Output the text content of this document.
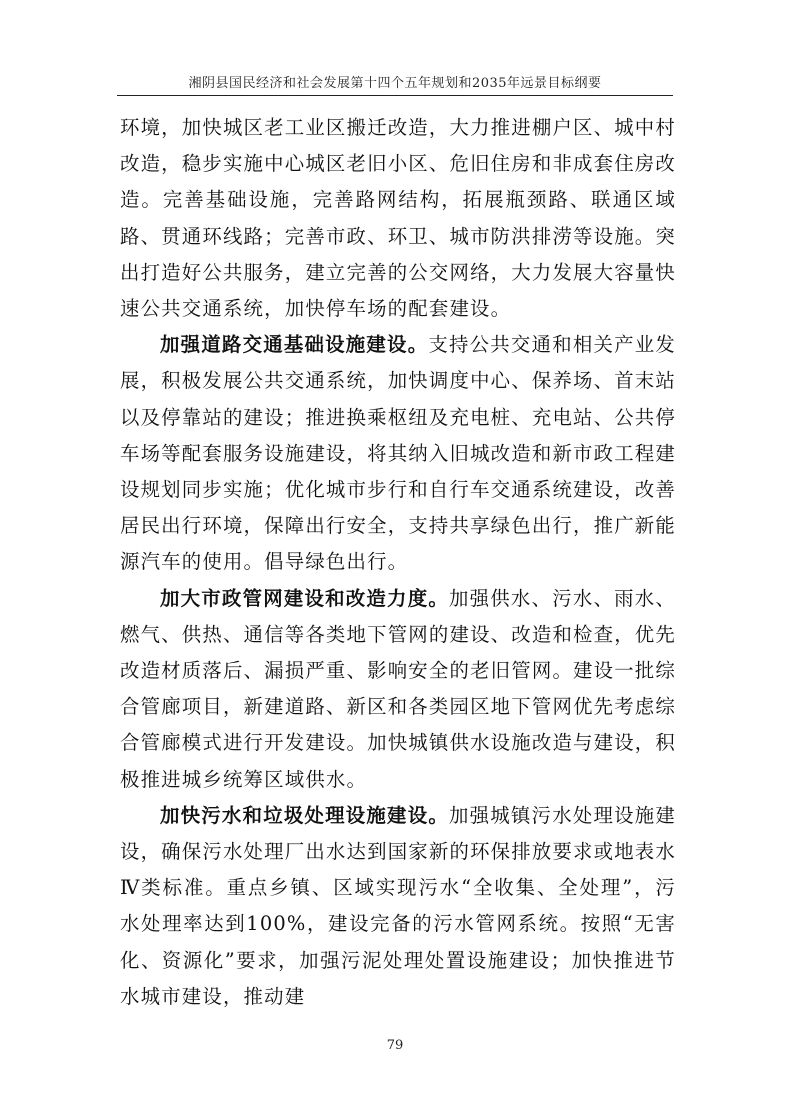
湘阴县国民经济和社会发展第十四个五年规划和2035年远景目标纲要

环境，加快城区老工业区搬迁改造，大力推进棚户区、城中村改造，稳步实施中心城区老旧小区、危旧住房和非成套住房改造。完善基础设施，完善路网结构，拓展瓶颈路、联通区域路、贯通环线路；完善市政、环卫、城市防洪排涝等设施。突出打造好公共服务，建立完善的公交网络，大力发展大容量快速公共交通系统，加快停车场的配套建设。

加强道路交通基础设施建设。支持公共交通和相关产业发展，积极发展公共交通系统，加快调度中心、保养场、首末站以及停靠站的建设；推进换乘枢纽及充电桩、充电站、公共停车场等配套服务设施建设，将其纳入旧城改造和新市政工程建设规划同步实施；优化城市步行和自行车交通系统建设，改善居民出行环境，保障出行安全，支持共享绿色出行，推广新能源汽车的使用。倡导绿色出行。

加大市政管网建设和改造力度。加强供水、污水、雨水、燃气、供热、通信等各类地下管网的建设、改造和检查，优先改造材质落后、漏损严重、影响安全的老旧管网。建设一批综合管廊项目，新建道路、新区和各类园区地下管网优先考虑综合管廊模式进行开发建设。加快城镇供水设施改造与建设，积极推进城乡统筹区域供水。

加快污水和垃圾处理设施建设。加强城镇污水处理设施建设，确保污水处理厂出水达到国家新的环保排放要求或地表水Ⅳ类标准。重点乡镇、区域实现污水“全收集、全处理”，污水处理率达到100%，建设完备的污水管网系统。按照“无害化、资源化”要求，加强污泥处理处置设施建设；加快推进节水城市建设，推动建

79
